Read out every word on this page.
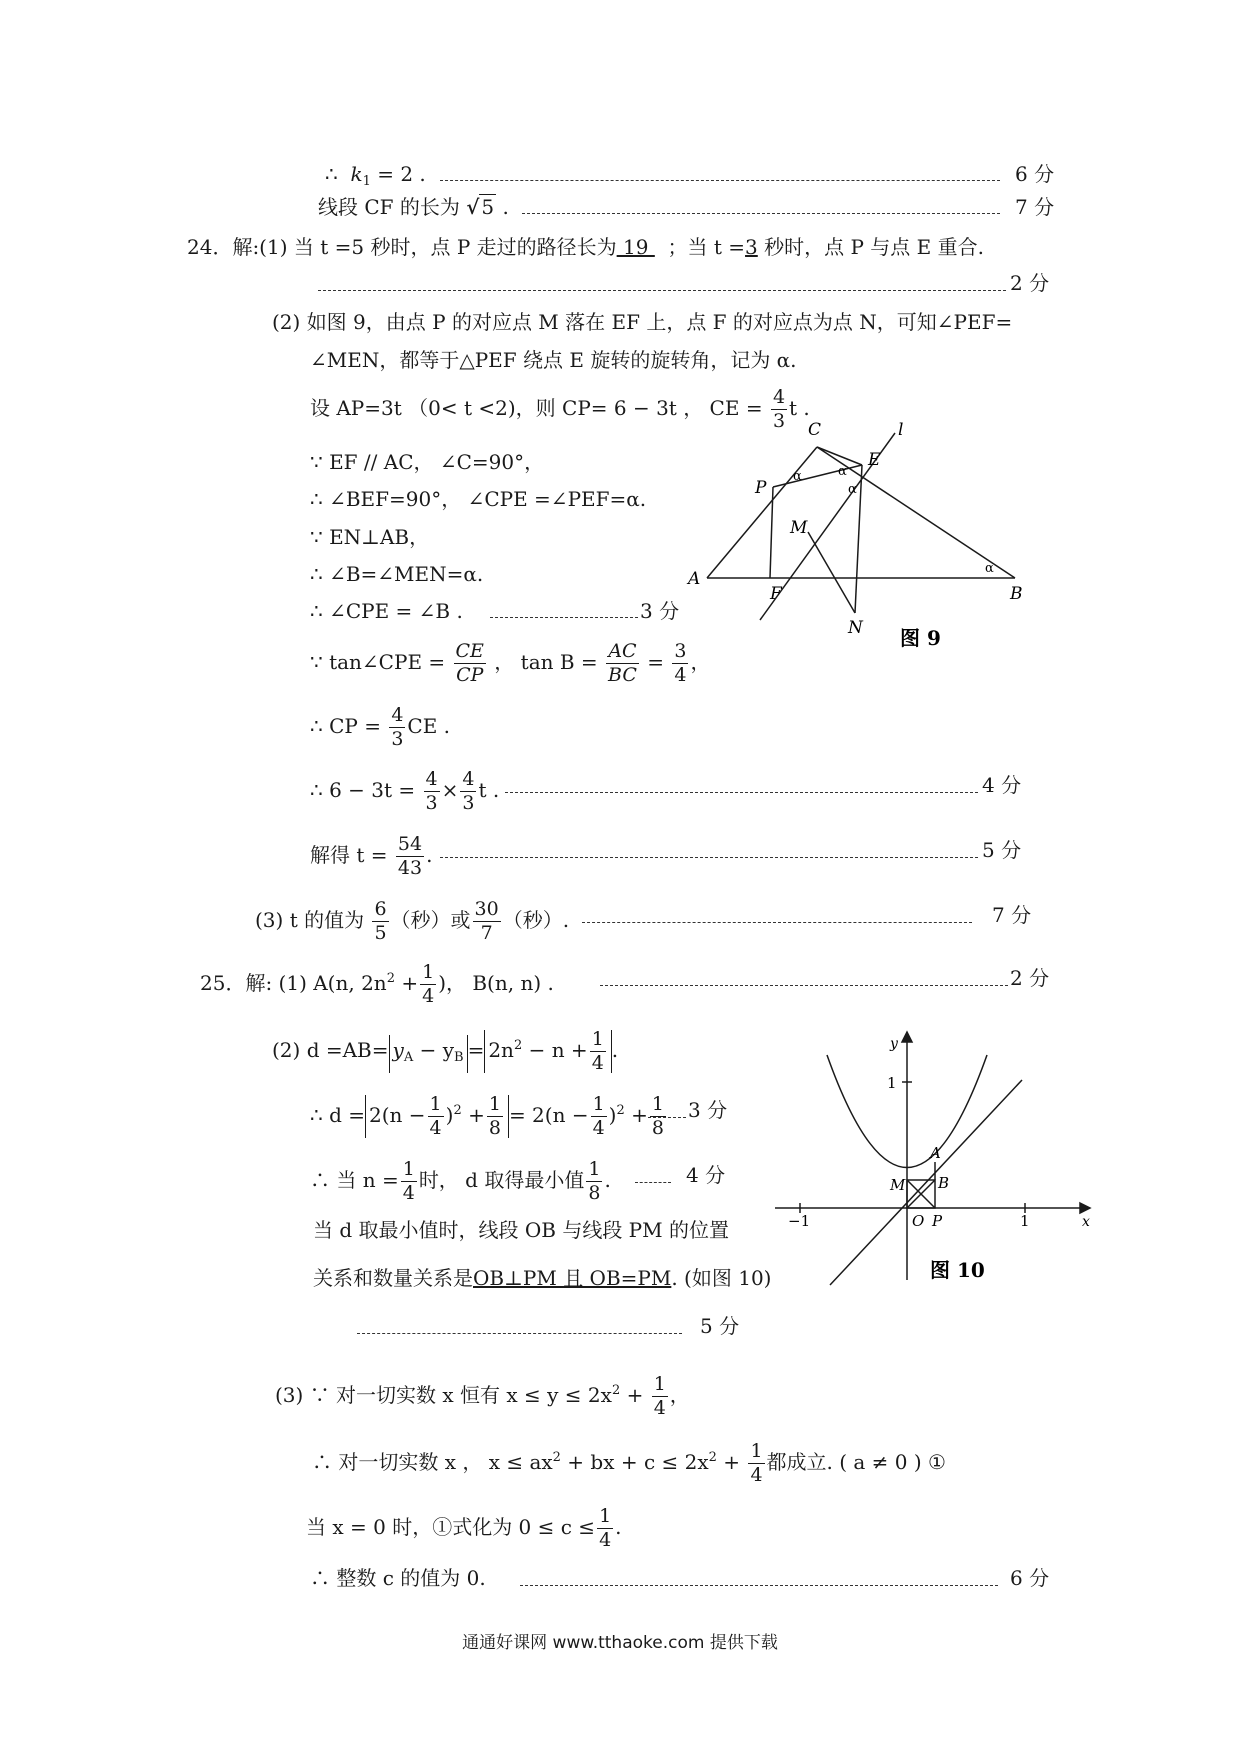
∴ $k_1 = 2$ .	6 分
线段 CF 的长为 √ 5 .	7 分
24．解:(1) 当 t =5 秒时，点 P 走过的路径长为 19   ；当 t =3 秒时，点 P 与点 E 重合.
2 分
(2) 如图 9，由点 P 的对应点 M 落在 EF 上，点 F 的对应点为点 N，可知∠PEF=
∠MEN，都等于△PEF 绕点 E 旋转的旋转角，记为 α.
设 AP=3t （0< t <2)，则 CP= 6 − 3t ， CE = $\frac{4}{3}$ t .
∵ EF // AC， ∠C=90°，
∴ ∠BEF=90°， ∠CPE =∠PEF=α.
∵ EN⊥AB，
∴ ∠B=∠MEN=α.
∴ ∠CPE = ∠B .	3 分
∵ tan∠CPE = $\frac{CE}{CP}$ ， $\tan B = \frac{AC}{BC} = \frac{3}{4}$ ，
∴ CP = $\frac{4}{3}$ CE .
∴ $6 - 3t = \frac{4}{3} \times \frac{4}{3}$ t .	4 分
解得 $t = \frac{54}{43}$ .	5 分
(3) t 的值为 $\frac{6}{5}$ （秒）或 $\frac{30}{7}$ （秒）.	7 分
C	l
E
P
M
A
F	B
N
α	α
α
α
图 9
25．解: (1) A(n, $2n^2 + \frac{1}{4}$ )， B(n, n) .	2 分
(2) $d =AB= y_A - y_B = 2n^2 - n + \frac{1}{4}$ .
∴ $d = 2(n - \frac{1}{4} )^2 + \frac{1}{8} = 2(n - \frac{1}{4} )^2 + \frac{1}{8} 3$ 分
∴ 当 $n = \frac{1}{4}$ 时， d 取得最小值 $\frac{1}{8}$ .	4 分
当 d 取最小值时，线段 OB 与线段 PM 的位置
关系和数量关系是OB⊥PM 且 OB=PM. (如图 10)
5 分
y
1
A
M B
−1	O P	1	x
图 10
(3) ∵ 对一切实数 x 恒有 $x \le y \le 2x^2 + \frac{1}{4}$ ，
∴ 对一切实数 x ， $x \le ax^2$ + bx + $c \le 2x^2 + \frac{1}{4}$ 都成立. ( a ≠ 0 ) ①
当 x = 0 时，①式化为 $0 \le c \le \frac{1}{4}$ .
∴ 整数 c 的值为 0.	6 分
通通好课网 www.tthaoke.com 提供下载
